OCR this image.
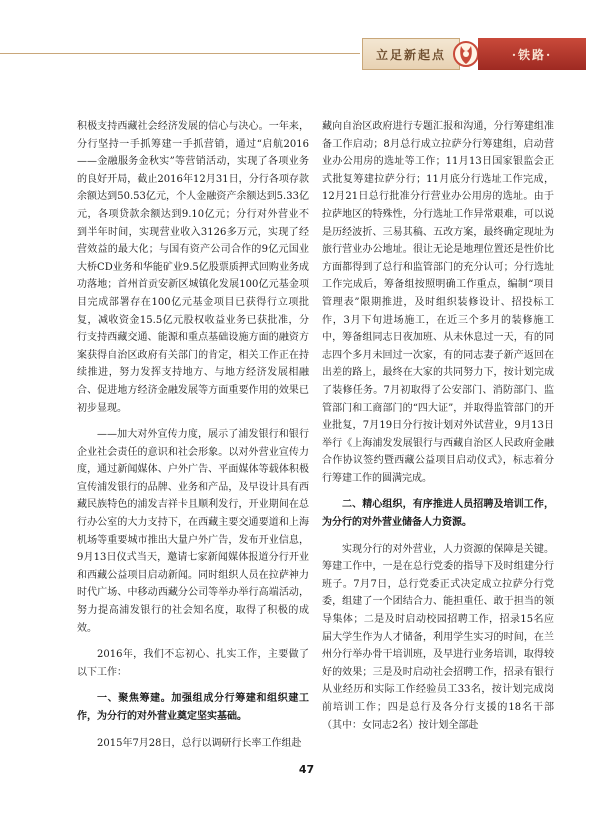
立足新起点	·铁路·

积极支持西藏社会经济发展的信心与决心。一年来，分行坚持一手抓筹建一手抓营销，通过“启航2016——金融服务金秋实”等营销活动，实现了各项业务的良好开局，截止2016年12月31日，分行各项存款余额达到50.53亿元，个人金融资产余额达到5.33亿元，各项贷款余额达到9.10亿元；分行对外营业不到半年时间，实现营业收入3126多万元，实现了经营效益的最大化；与国有资产公司合作的9亿元国业大桥CD业务和华能矿业9.5亿股票质押式回购业务成功落地；首州首贡安新区城镇化发展100亿元基金项目完成部署存在100亿元基金项目已获得行立项批复，减收资金15.5亿元股权收益业务已获批准，分行支持西藏交通、能源和重点基础设施方面的融资方案获得自治区政府有关部门的肯定，相关工作正在持续推进，努力发挥支持地方、与地方经济发展相融合、促进地方经济金融发展等方面重要作用的效果已初步显现。

——加大对外宣传力度，展示了浦发银行和银行企业社会责任的意识和社会形象。以对外营业宣传力度，通过新闻媒体、户外广告、平面媒体等载体积极宣传浦发银行的品牌、业务和产品，及早设计具有西藏民族特色的浦发吉祥卡且顺利发行，开业期间在总行办公室的大力支持下，在西藏主要交通要道和上海机场等重要城市推出大量户外广告，发布开业信息，9月13日仪式当天，邀请七家新闻媒体报道分行开业和西藏公益项目启动新闻。同时组织人员在拉萨神力时代广场、中移动西藏分公司等举办举行高端活动，努力提高浦发银行的社会知名度，取得了积极的成效。

2016年，我们不忘初心、扎实工作，主要做了以下工作：

一、聚焦筹建。加强组成分行筹建和组织建工作，为分行的对外营业奠定坚实基础。

2015年7月28日，总行以调研行长率工作组赴

藏向自治区政府进行专题汇报和沟通，分行筹建组准备工作启动；8月总行成立拉萨分行筹建组，启动营业办公用房的选址等工作；11月13日国家银监会正式批复筹建拉萨分行；11月底分行选址工作完成，12月21日总行批准分行营业办公用房的选址。由于拉萨地区的特殊性，分行选址工作异常艰难，可以说是历经波折、三易其稿、五改方案，最终确定现址为旅行营业办公地址。很让无论是地理位置还是性价比方面都得到了总行和监管部门的充分认可；分行选址工作完成后，筹备组按照明确工作重点，编制“项目管理表”限期推进，及时组织装修设计、招投标工作，3月下旬进场施工，在近三个多月的装修施工中，筹备组同志日夜加班、从未休息过一天，有的同志四个多月未回过一次家，有的同志妻子新产返回在出差的路上，最终在大家的共同努力下，按计划完成了装修任务。7月初取得了公安部门、消防部门、监管部门和工商部门的“四大证”，并取得监管部门的开业批复，7月19日分行按计划对外试营业，9月13日举行《上海浦发发展银行与西藏自治区人民政府金融合作协议签约暨西藏公益项目启动仪式》，标志着分行筹建工作的圆满完成。

二、精心组织，有序推进人员招聘及培训工作，为分行的对外营业储备人力资源。

实现分行的对外营业，人力资源的保障是关键。筹建工作中，一是在总行党委的指导下及时组建分行班子。7月7日，总行党委正式决定成立拉萨分行党委，组建了一个团结合力、能担重任、敢于担当的领导集体；二是及时启动校园招聘工作，招录15名应届大学生作为人才储备，利用学生实习的时间，在兰州分行举办骨干培训班，及早进行业务培训，取得较好的效果；三是及时启动社会招聘工作，招录有银行从业经历和实际工作经验员工33名，按计划完成岗前培训工作；四是总行及各分行支援的18名干部（其中：女同志2名）按计划全部赴

47
